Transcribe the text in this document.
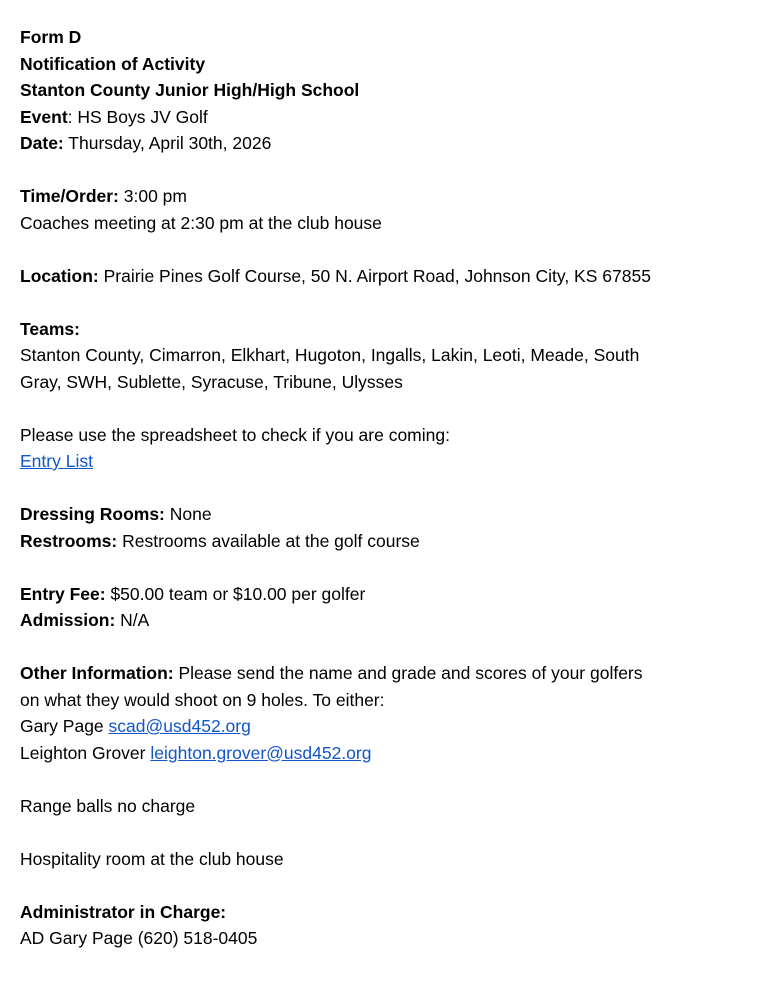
Form D
Notification of Activity
Stanton County Junior High/High School
Event: HS Boys JV Golf
Date: Thursday, April 30th, 2026
Time/Order: 3:00 pm
Coaches meeting at 2:30 pm at the club house
Location: Prairie Pines Golf Course, 50 N. Airport Road, Johnson City, KS 67855
Teams:
Stanton County, Cimarron, Elkhart, Hugoton, Ingalls, Lakin, Leoti, Meade, South
Gray, SWH, Sublette, Syracuse, Tribune, Ulysses
Please use the spreadsheet to check if you are coming:
Entry List
Dressing Rooms: None
Restrooms: Restrooms available at the golf course
Entry Fee: $50.00 team or $10.00 per golfer
Admission: N/A
Other Information: Please send the name and grade and scores of your golfers
on what they would shoot on 9 holes. To either:
Gary Page scad@usd452.org
Leighton Grover leighton.grover@usd452.org
Range balls no charge
Hospitality room at the club house
Administrator in Charge:
AD Gary Page (620) 518-0405
